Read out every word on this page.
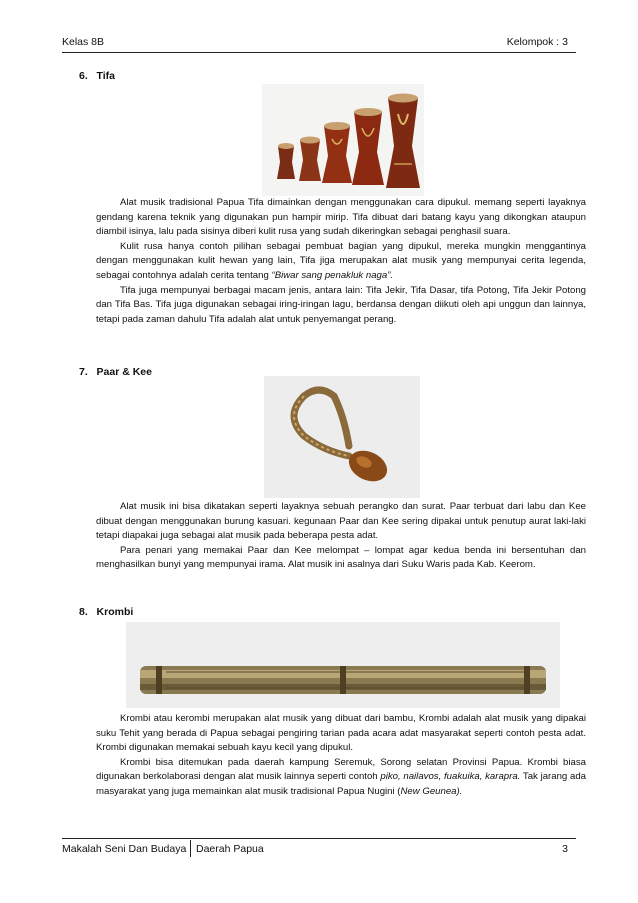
Kelas 8B	Kelompok : 3
6. Tifa

Alat musik tradisional Papua Tifa dimainkan dengan menggunakan cara dipukul. memang seperti layaknya gendang karena teknik yang digunakan pun hampir mirip. Tifa dibuat dari batang kayu yang dikongkan ataupun diambil isinya, lalu pada sisinya diberi kulit rusa yang sudah dikeringkan sebagai penghasil suara.

Kulit rusa hanya contoh pilihan sebagai pembuat bagian yang dipukul, mereka mungkin menggantinya dengan menggunakan kulit hewan yang lain, Tifa jiga merupakan alat musik yang mempunyai cerita legenda, sebagai contohnya adalah cerita tentang “Biwar sang penakluk naga”.

Tifa juga mempunyai berbagai macam jenis, antara lain: Tifa Jekir, Tifa Dasar, tifa Potong, Tifa Jekir Potong dan Tifa Bas. Tifa juga digunakan sebagai iring-iringan lagu, berdansa dengan diikuti oleh api unggun dan lainnya, tetapi pada zaman dahulu Tifa adalah alat untuk penyemangat perang.

7. Paar & Kee

Alat musik ini bisa dikatakan seperti layaknya sebuah perangko dan surat. Paar terbuat dari labu dan Kee dibuat dengan menggunakan burung kasuari. kegunaan Paar dan Kee sering dipakai untuk penutup aurat laki-laki tetapi diapakai juga sebagai alat musik pada beberapa pesta adat.

Para penari yang memakai Paar dan Kee melompat – lompat agar kedua benda ini bersentuhan dan menghasilkan bunyi yang mempunyai irama. Alat musik ini asalnya dari Suku Waris pada Kab. Keerom.

8. Krombi

Krombi atau kerombi merupakan alat musik yang dibuat dari bambu, Krombi adalah alat musik yang dipakai suku Tehit yang berada di Papua sebagai pengiring tarian pada acara adat masyarakat seperti contoh pesta adat. Krombi digunakan memakai sebuah kayu kecil yang dipukul.

Krombi bisa ditemukan pada daerah kampung Seremuk, Sorong selatan Provinsi Papua. Krombi biasa digunakan berkolaborasi dengan alat musik lainnya seperti contoh piko, nailavos, fuakuika, karapra. Tak jarang ada masyarakat yang juga memainkan alat musik tradisional Papua Nugini (New Geunea).

Makalah Seni Dan Budaya Daerah Papua	3
